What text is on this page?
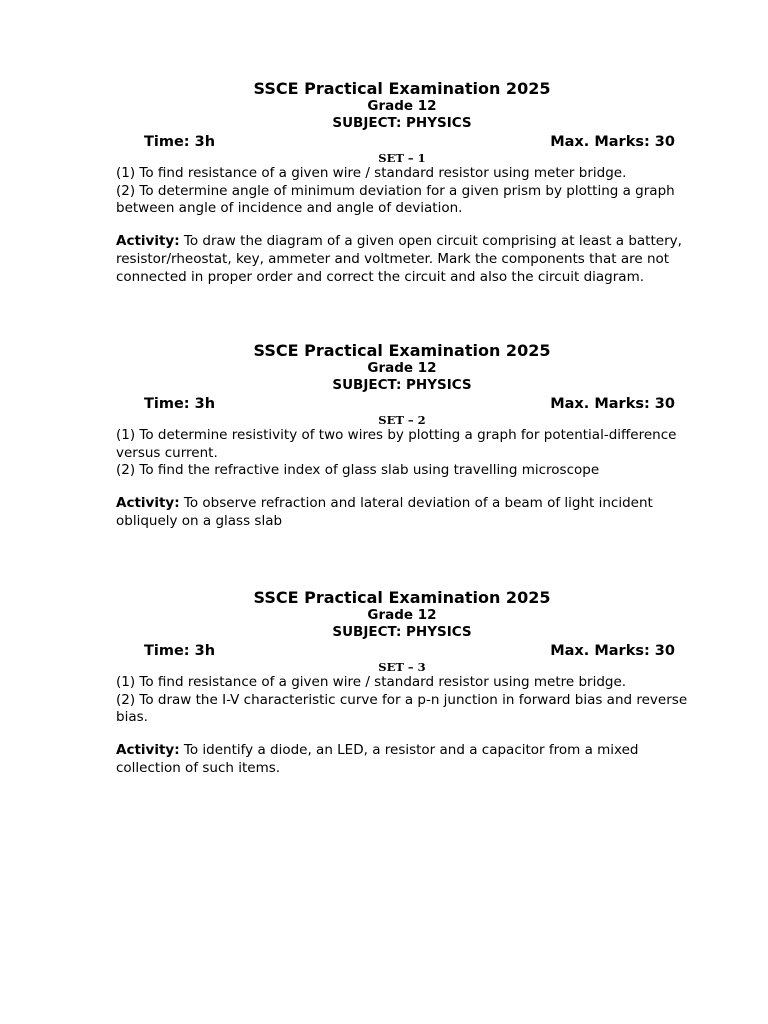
SSCE Practical Examination 2025
Grade 12
SUBJECT: PHYSICS
Time: 3h	Max. Marks: 30
SET – 1
(1) To find resistance of a given wire / standard resistor using meter bridge.
(2) To determine angle of minimum deviation for a given prism by plotting a graph between angle of incidence and angle of deviation.
Activity: To draw the diagram of a given open circuit comprising at least a battery, resistor/rheostat, key, ammeter and voltmeter. Mark the components that are not connected in proper order and correct the circuit and also the circuit diagram.
SSCE Practical Examination 2025
Grade 12
SUBJECT: PHYSICS
Time: 3h	Max. Marks: 30
SET – 2
(1) To determine resistivity of two wires by plotting a graph for potential-difference versus current.
(2) To find the refractive index of glass slab using travelling microscope
Activity: To observe refraction and lateral deviation of a beam of light incident obliquely on a glass slab
SSCE Practical Examination 2025
Grade 12
SUBJECT: PHYSICS
Time: 3h	Max. Marks: 30
SET – 3
(1) To find resistance of a given wire / standard resistor using metre bridge.
(2) To draw the I-V characteristic curve for a p-n junction in forward bias and reverse bias.
Activity: To identify a diode, an LED, a resistor and a capacitor from a mixed collection of such items.
